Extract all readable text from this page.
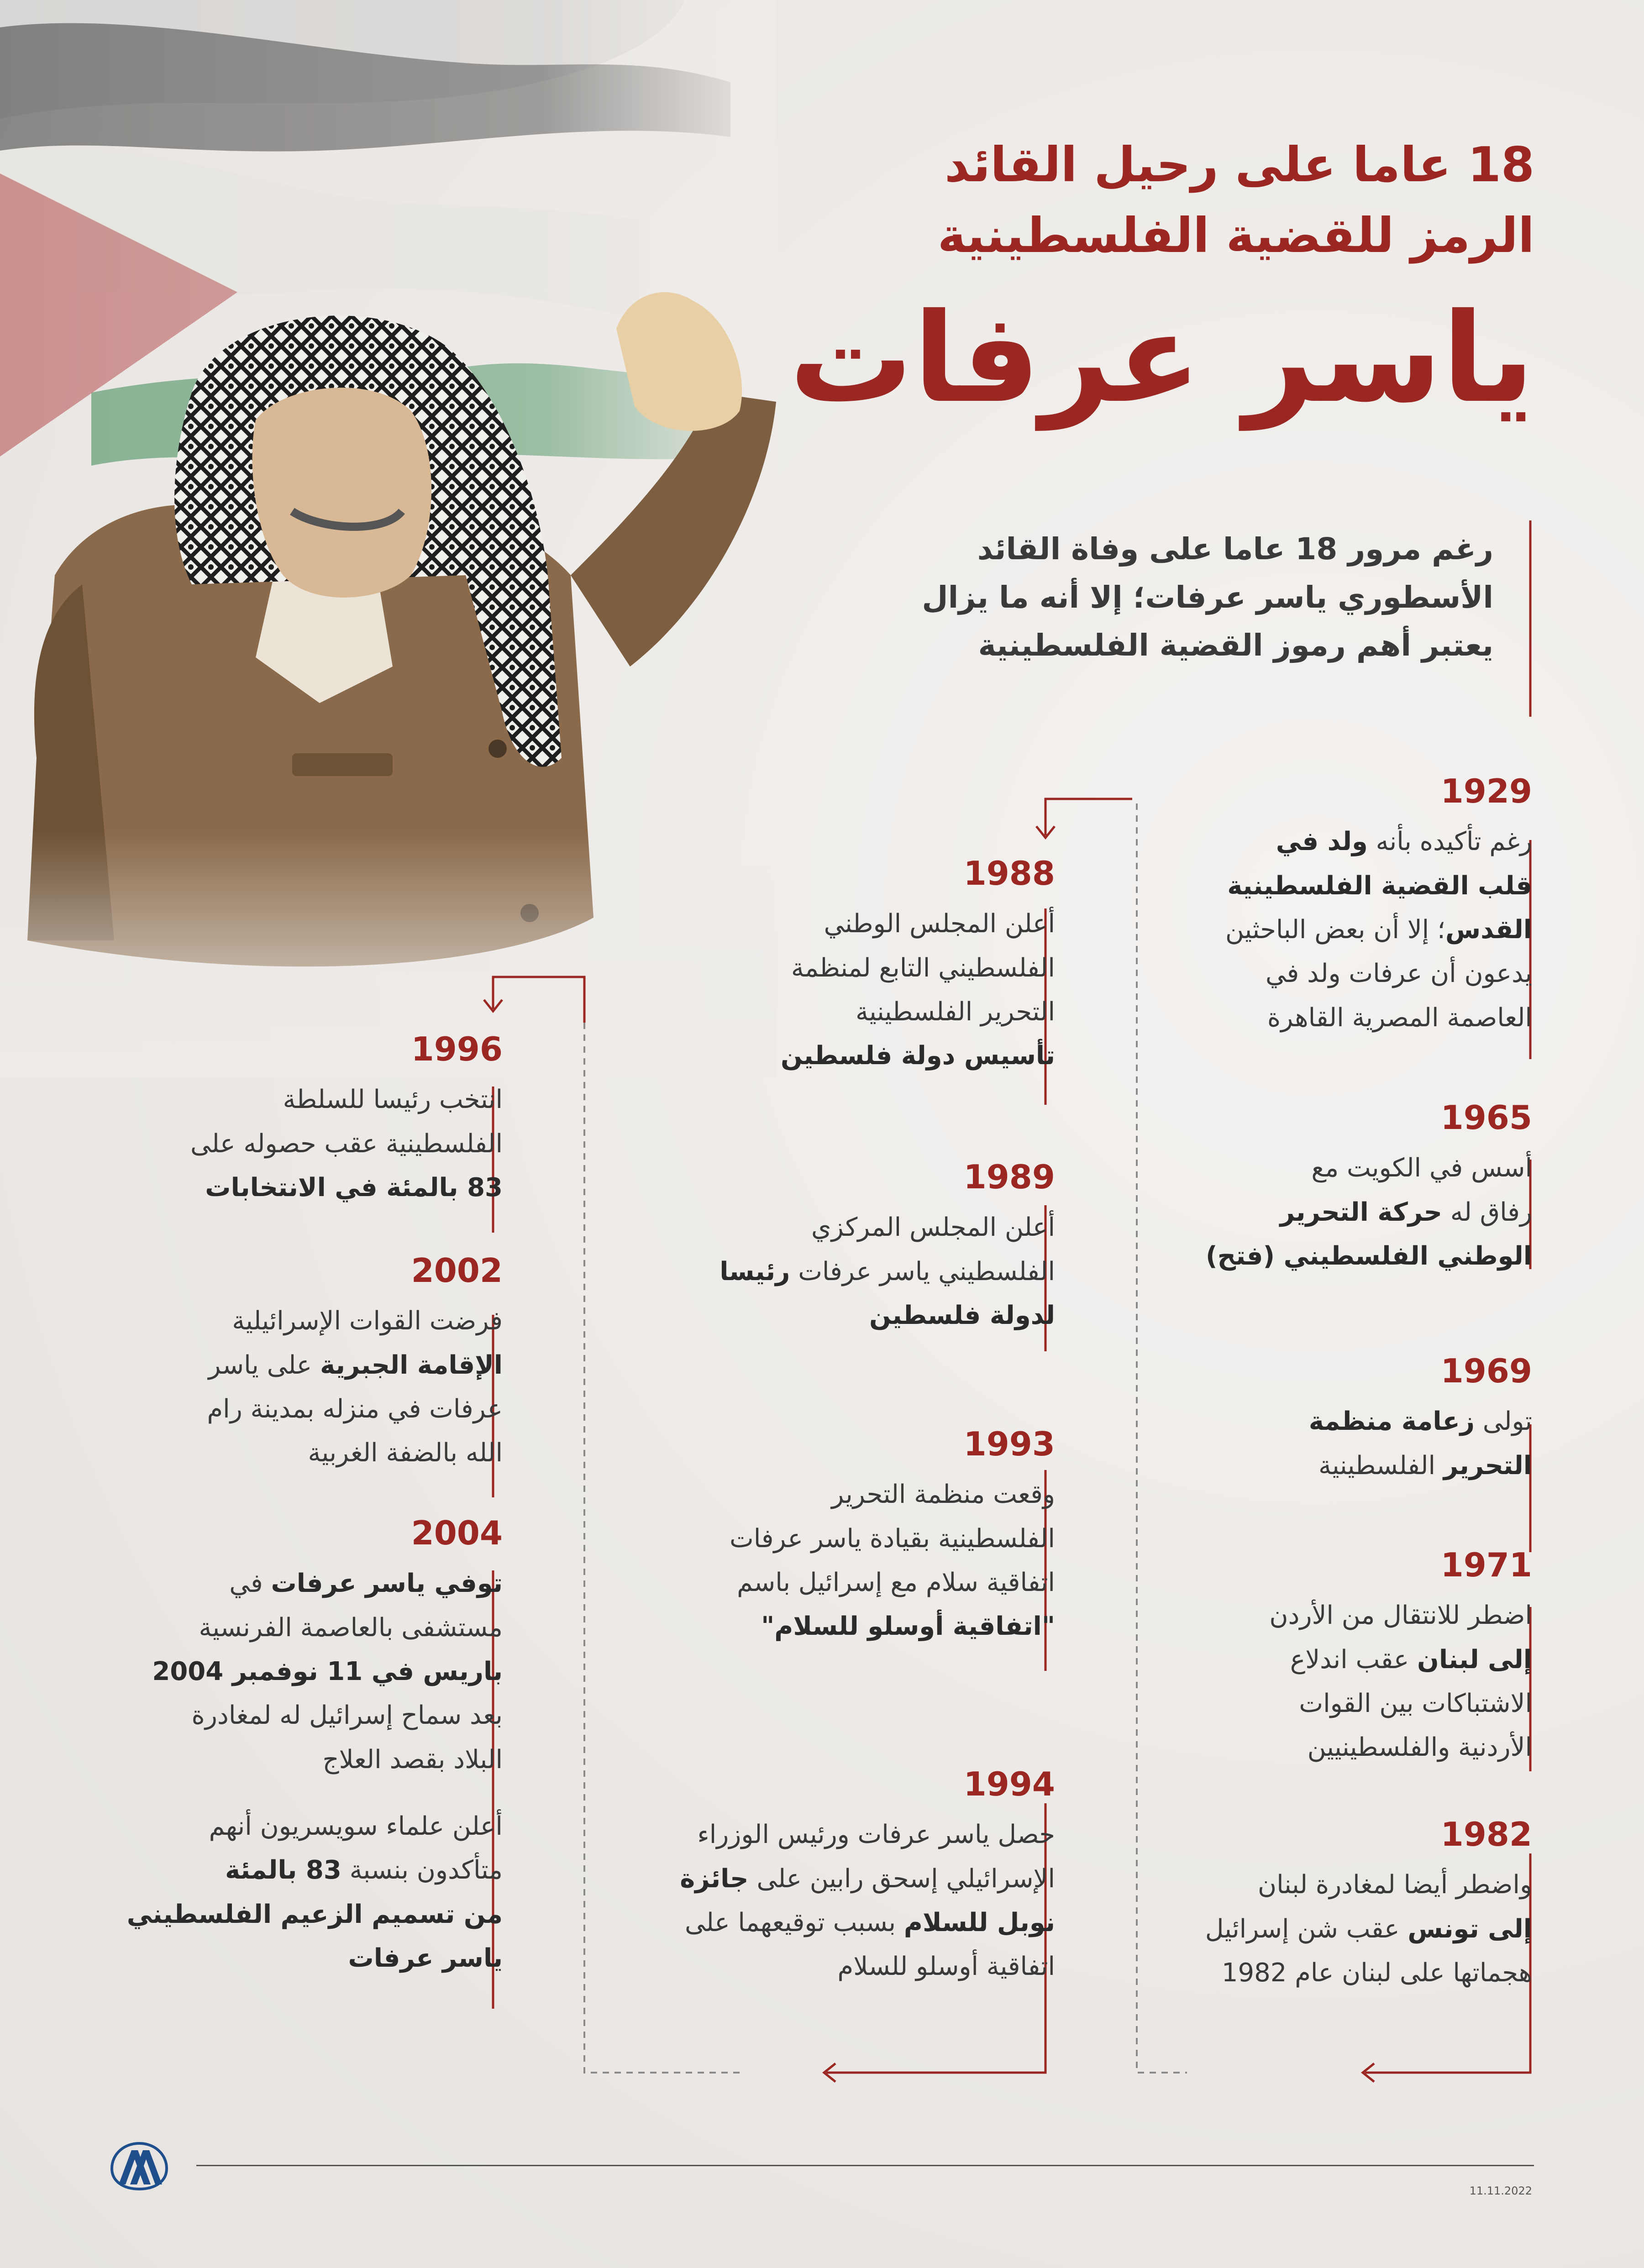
18 عاما على رحيل القائد
الرمز للقضية الفلسطينية
ياسر عرفات
رغم مرور 18 عاما على وفاة القائد
الأسطوري ياسر عرفات؛ إلا أنه ما يزال
يعتبر أهم رموز القضية الفلسطينية
1929
رغم تأكيده بأنه ولد في
قلب القضية الفلسطينية
القدس؛ إلا أن بعض الباحثين
يدعون أن عرفات ولد في
العاصمة المصرية القاهرة
1965
أسس في الكويت مع
رفاق له حركة التحرير
الوطني الفلسطيني (فتح)
1969
تولى زعامة منظمة
التحرير الفلسطينية
1971
اضطر للانتقال من الأردن
إلى لبنان عقب اندلاع
الاشتباكات بين القوات
الأردنية والفلسطينيين
1982
واضطر أيضا لمغادرة لبنان
إلى تونس عقب شن إسرائيل
هجماتها على لبنان عام 1982
1988
أعلن المجلس الوطني
الفلسطيني التابع لمنظمة
التحرير الفلسطينية
تأسيس دولة فلسطين
1989
أعلن المجلس المركزي
الفلسطيني ياسر عرفات رئيسا
لدولة فلسطين
1993
وقعت منظمة التحرير
الفلسطينية بقيادة ياسر عرفات
اتفاقية سلام مع إسرائيل باسم
"اتفاقية أوسلو للسلام"
1994
حصل ياسر عرفات ورئيس الوزراء
الإسرائيلي إسحق رابين على جائزة
نوبل للسلام بسبب توقيعهما على
اتفاقية أوسلو للسلام
1996
انتخب رئيسا للسلطة
الفلسطينية عقب حصوله على
83 بالمئة في الانتخابات
2002
فرضت القوات الإسرائيلية
الإقامة الجبرية على ياسر
عرفات في منزله بمدينة رام
الله بالضفة الغربية
2004
توفي ياسر عرفات في
مستشفى بالعاصمة الفرنسية
باريس في 11 نوفمبر 2004
بعد سماح إسرائيل له لمغادرة
البلاد بقصد العلاج
أعلن علماء سويسريون أنهم
متأكدون بنسبة 83 بالمئة
من تسميم الزعيم الفلسطيني
ياسر عرفات
11.11.2022
